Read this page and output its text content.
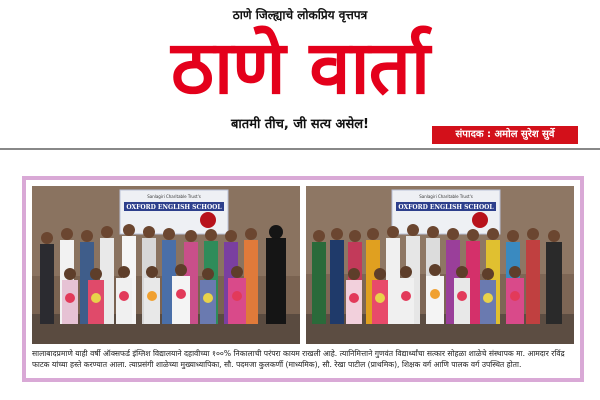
ठाणे जिल्ह्याचे लोकप्रिय वृत्तपत्र
ठाणे वार्ता
बातमी तीच, जी सत्य असेल!
संपादक : अमोल सुरेश सुर्वे
Sanlagiri Charitable Trust's
OXFORD ENGLISH SCHOOL
Sanlagiri Charitable Trust's
OXFORD ENGLISH SCHOOL

सालाबादप्रमाणे याही वर्षी ऑक्सफर्ड इंग्लिश विद्यालयाने दहावीच्या १००% निकालाची परंपरा कायम राखली आहे. त्यानिमित्ताने गुणवंत विद्यार्थ्यांचा सत्कार सोहळा शाळेचे संस्थापक मा. आमदार रविंद्र फाटक यांच्या हस्ते करण्यात आला. त्याप्रसंगी शाळेच्या मुख्याध्यापिका, सौ. पदमजा कुलकर्णी (माध्यमिक), सौ. रेखा पाटील (प्राथमिक), शिक्षक वर्ग आणि पालक वर्ग उपस्थित होता.
